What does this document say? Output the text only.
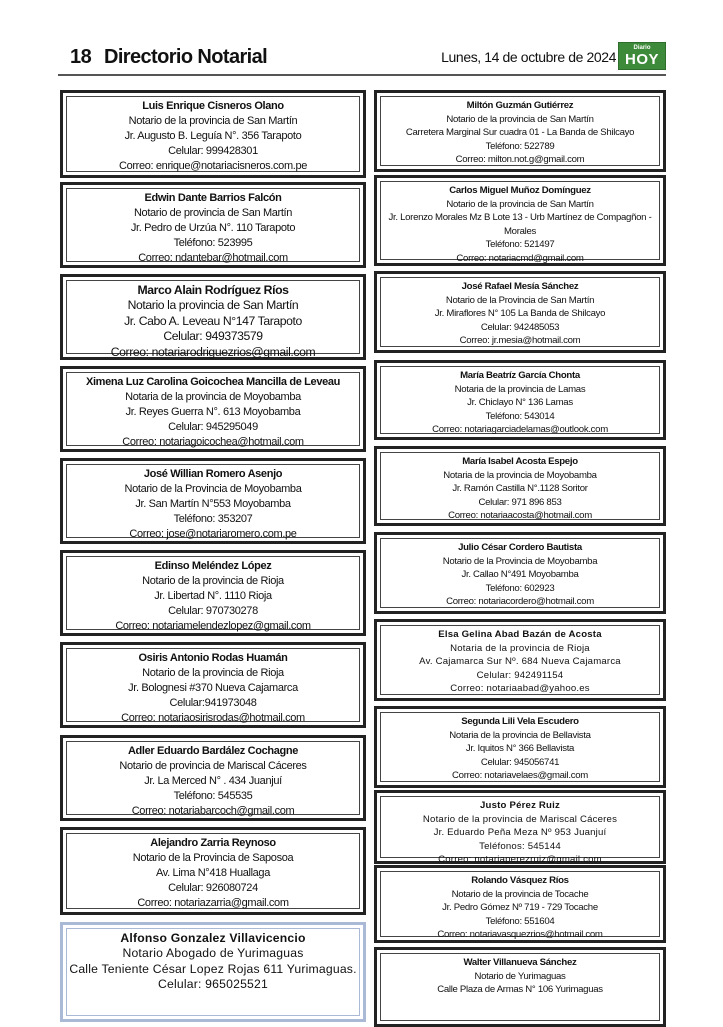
18 Directorio Notarial	Lunes, 14 de octubre de 2024
Diario
HOY
Luis Enrique Cisneros Olano
Notario de la provincia de San Martín
Jr. Augusto B. Leguía N°. 356 Tarapoto
Celular: 999428301
Correo: enrique@notariacisneros.com.pe
Edwin Dante Barrios Falcón
Notario de provincia de San Martín
Jr. Pedro de Urzúa N°. 110 Tarapoto
Teléfono: 523995
Correo: ndantebar@hotmail.com
Marco Alain Rodríguez Ríos
Notario la provincia de San Martín
Jr. Cabo A. Leveau N°147 Tarapoto
Celular: 949373579
Correo: notariarodriguezrios@gmail.com
Ximena Luz Carolina Goicochea Mancilla de Leveau
Notaria de la provincia de Moyobamba
Jr. Reyes Guerra N°. 613 Moyobamba
Celular: 945295049
Correo: notariagoicochea@hotmail.com
José Willian Romero Asenjo
Notario de la Provincia de Moyobamba
Jr. San Martín N°553 Moyobamba
Teléfono: 353207
Correo: jose@notariaromero.com.pe
Edinso Meléndez López
Notario de la provincia de Rioja
Jr. Libertad N°. 1110 Rioja
Celular: 970730278
Correo: notariamelendezlopez@gmail.com
Osiris Antonio Rodas Huamán
Notario de la provincia de Rioja
Jr. Bolognesi #370 Nueva Cajamarca
Celular:941973048
Correo: notariaosirisrodas@hotmail.com
Adler Eduardo Bardález Cochagne
Notario de provincia de Mariscal Cáceres
Jr. La Merced N° . 434 Juanjuí
Teléfono: 545535
Correo: notariabarcoch@gmail.com
Alejandro Zarria Reynoso
Notario de la Provincia de Saposoa
Av. Lima N°418 Huallaga
Celular: 926080724
Correo: notariazarria@gmail.com
Alfonso Gonzalez Villavicencio
Notario Abogado de Yurimaguas
Calle Teniente César Lopez Rojas 611 Yurimaguas.
Celular: 965025521
Miltón Guzmán Gutiérrez
Notario de la provincia de San Martín
Carretera Marginal Sur cuadra 01 - La Banda de Shilcayo
Teléfono: 522789
Correo: milton.not.g@gmail.com
Carlos Miguel Muñoz Domínguez
Notario de la provincia de San Martín
Jr. Lorenzo Morales Mz B Lote 13 - Urb Martínez de Compagñon - Morales
Teléfono: 521497
Correo: notariacmd@gmail.com
José Rafael Mesía Sánchez
Notario de la Provincia de San Martín
Jr. Miraflores N° 105 La Banda de Shilcayo
Celular: 942485053
Correo: jr.mesia@hotmail.com
María Beatríz García Chonta
Notaria de la provincia de Lamas
Jr. Chiclayo N° 136 Lamas
Teléfono: 543014
Correo: notariagarciadelamas@outlook.com
María Isabel Acosta Espejo
Notaria de la provincia de Moyobamba
Jr. Ramón Castilla N°.1128 Soritor
Celular: 971 896 853
Correo: notariaacosta@hotmail.com
Julio César Cordero Bautista
Notario de la Provincia de Moyobamba
Jr. Callao N°491 Moyobamba
Teléfono: 602923
Correo: notariacordero@hotmail.com
Elsa Gelina Abad Bazán de Acosta
Notaria de la provincia de Rioja
Av. Cajamarca Sur Nº. 684 Nueva Cajamarca
Celular: 942491154
Correo: notariaabad@yahoo.es
Segunda Lili Vela Escudero
Notaria de la provincia de Bellavista
Jr. Iquitos N° 366 Bellavista
Celular: 945056741
Correo: notariavelaes@gmail.com
Justo Pérez Ruiz
Notario de la provincia de Mariscal Cáceres
Jr. Eduardo Peña Meza Nº 953 Juanjuí
Teléfonos: 545144
Correo: notariaperezruiz@gmail.com
Rolando Vásquez Ríos
Notario de la provincia de Tocache
Jr. Pedro Gómez Nº 719 - 729 Tocache
Teléfono: 551604
Correo: notariavasquezrios@hotmail.com
Walter Villanueva Sánchez
Notario de Yurimaguas
Calle Plaza de Armas N° 106 Yurimaguas
